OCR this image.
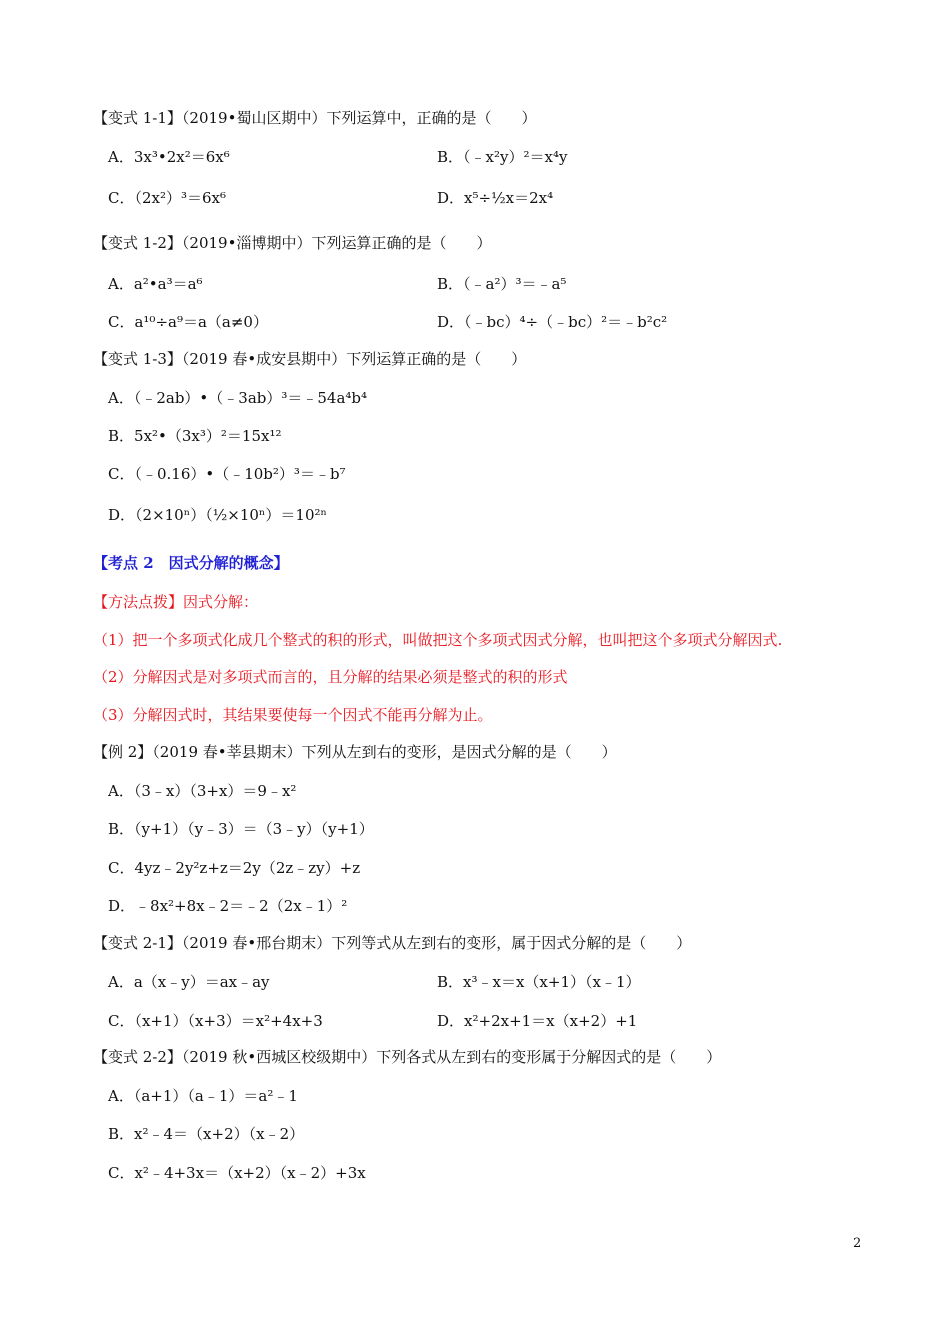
【变式 1-1】（2019•蜀山区期中）下列运算中，正确的是（　　）
A．3x³•2x²＝6x⁶	B．（﹣x²y）²＝x⁴y
C．（2x²）³＝6x⁶	D．x⁵÷½x＝2x⁴
【变式 1-2】（2019•淄博期中）下列运算正确的是（　　）
A．a²•a³＝a⁶	B．（﹣a²）³＝﹣a⁵
C．a¹⁰÷a⁹＝a（a≠0）	D．（﹣bc）⁴÷（﹣bc）²＝﹣b²c²
【变式 1-3】（2019 春•成安县期中）下列运算正确的是（　　）
A．（﹣2ab）•（﹣3ab）³＝﹣54a⁴b⁴
B．5x²•（3x³）²＝15x¹²
C．（﹣0.16）•（﹣10b²）³＝﹣b⁷
D．（2×10ⁿ）（½×10ⁿ）＝10²ⁿ
【考点 2　因式分解的概念】
【方法点拨】因式分解：
（1）把一个多项式化成几个整式的积的形式，叫做把这个多项式因式分解，也叫把这个多项式分解因式.
（2）分解因式是对多项式而言的，且分解的结果必须是整式的积的形式
（3）分解因式时，其结果要使每一个因式不能再分解为止。
【例 2】（2019 春•莘县期末）下列从左到右的变形，是因式分解的是（　　）
A．（3﹣x）（3+x）＝9﹣x²
B．（y+1）（y﹣3）＝（3﹣y）（y+1）
C．4yz﹣2y²z+z＝2y（2z﹣zy）+z
D．﹣8x²+8x﹣2＝﹣2（2x﹣1）²
【变式 2-1】（2019 春•邢台期末）下列等式从左到右的变形，属于因式分解的是（　　）
A．a（x﹣y）＝ax﹣ay	B．x³﹣x＝x（x+1）（x﹣1）
C．（x+1）（x+3）＝x²+4x+3	D．x²+2x+1＝x（x+2）+1
【变式 2-2】（2019 秋•西城区校级期中）下列各式从左到右的变形属于分解因式的是（　　）
A．（a+1）（a﹣1）＝a²﹣1
B．x²﹣4＝（x+2）（x﹣2）
C．x²﹣4+3x＝（x+2）（x﹣2）+3x
2
